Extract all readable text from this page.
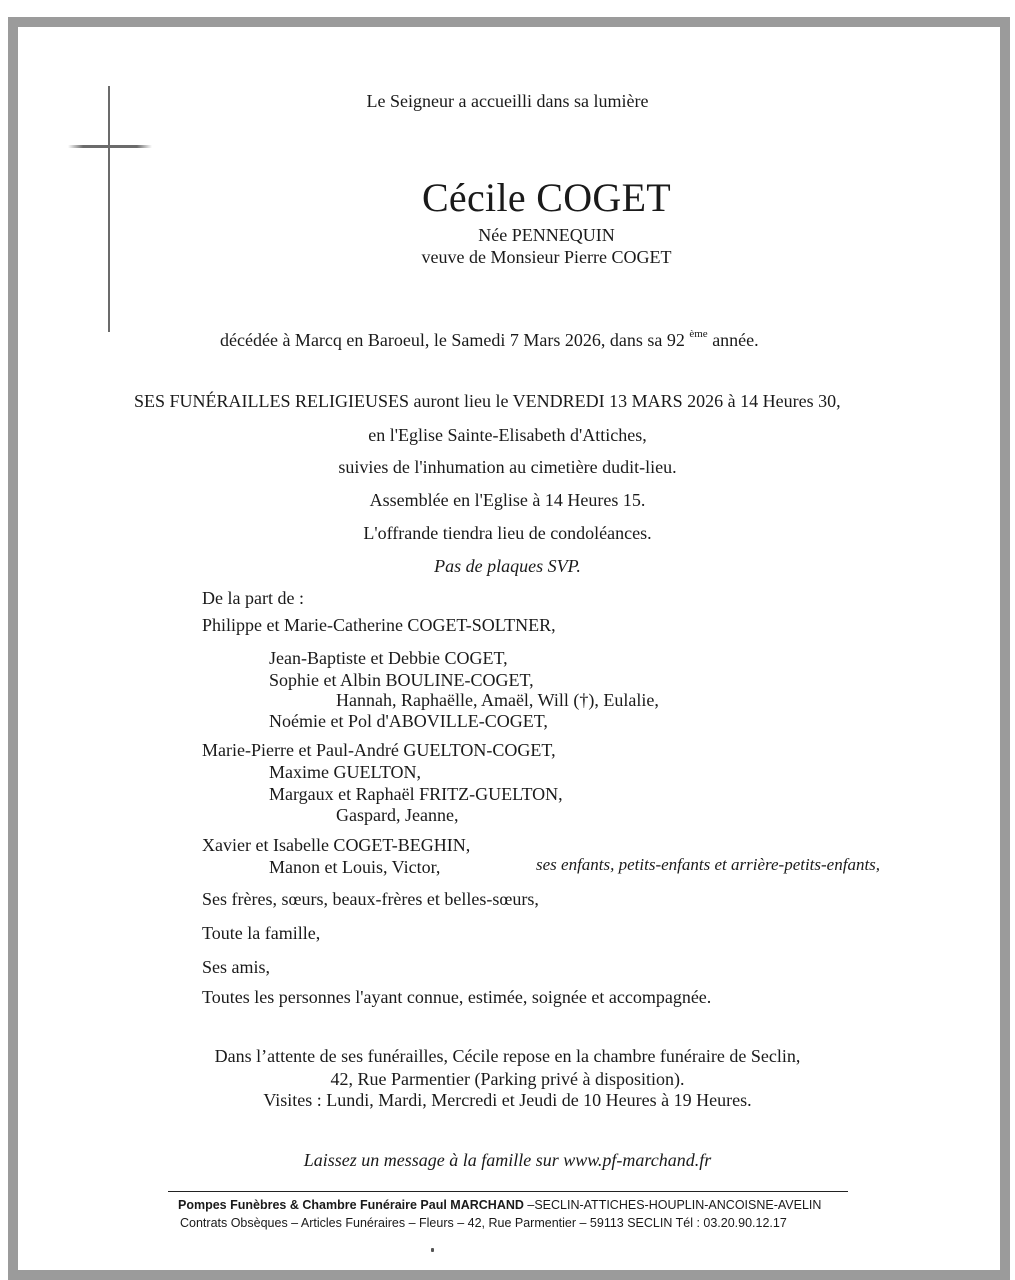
Le Seigneur a accueilli dans sa lumière
Cécile COGET
Née PENNEQUIN
veuve de Monsieur Pierre COGET
décédée à Marcq en Baroeul, le Samedi 7 Mars 2026, dans sa 92 $^{ème}$ année.
SES FUNÉRAILLES RELIGIEUSES auront lieu le VENDREDI 13 MARS 2026 à 14 Heures 30,
en l'Eglise Sainte-Elisabeth d'Attiches,
suivies de l'inhumation au cimetière dudit-lieu.
Assemblée en l'Eglise à 14 Heures 15.
L'offrande tiendra lieu de condoléances.
Pas de plaques SVP.
De la part de :
Philippe et Marie-Catherine COGET-SOLTNER,
Jean-Baptiste et Debbie COGET,
Sophie et Albin BOULINE-COGET,
Hannah, Raphaëlle, Amaël, Will (†), Eulalie,
Noémie et Pol d'ABOVILLE-COGET,
Marie-Pierre et Paul-André GUELTON-COGET,
Maxime GUELTON,
Margaux et Raphaël FRITZ-GUELTON,
Gaspard, Jeanne,
Xavier et Isabelle COGET-BEGHIN,
Manon et Louis, Victor,	ses enfants, petits-enfants et arrière-petits-enfants,
Ses frères, sœurs, beaux-frères et belles-sœurs,
Toute la famille,
Ses amis,
Toutes les personnes l'ayant connue, estimée, soignée et accompagnée.
Dans l’attente de ses funérailles, Cécile repose en la chambre funéraire de Seclin,
42, Rue Parmentier (Parking privé à disposition).
Visites : Lundi, Mardi, Mercredi et Jeudi de 10 Heures à 19 Heures.
Laissez un message à la famille sur www.pf-marchand.fr
Pompes Funèbres & Chambre Funéraire Paul MARCHAND –SECLIN-ATTICHES-HOUPLIN-ANCOISNE-AVELIN
Contrats Obsèques – Articles Funéraires – Fleurs – 42, Rue Parmentier – 59113 SECLIN Tél : 03.20.90.12.17
